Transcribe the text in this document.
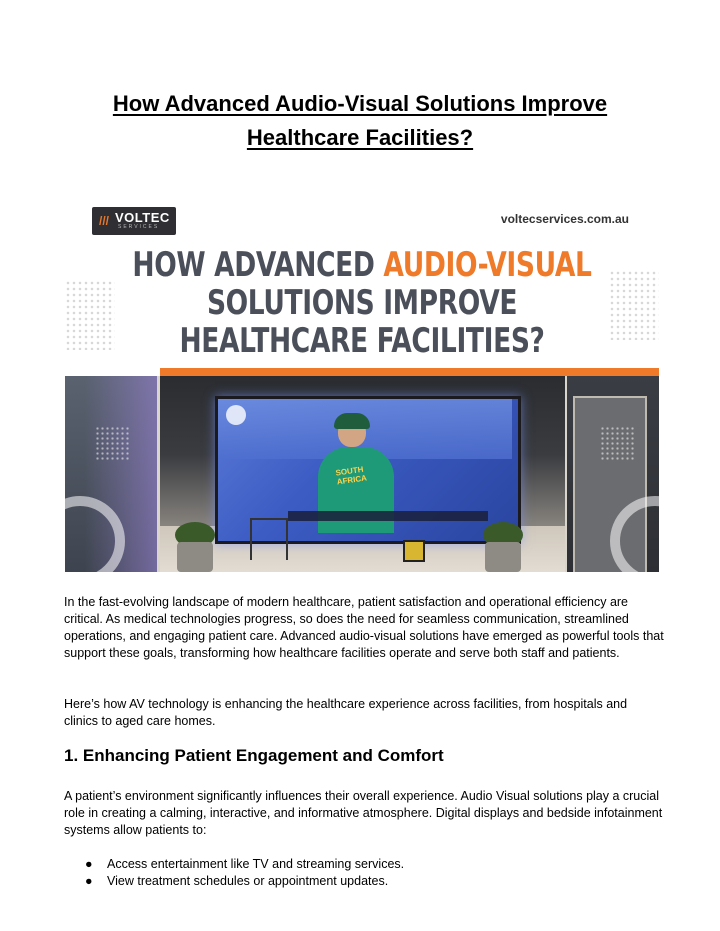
How Advanced Audio-Visual Solutions Improve
Healthcare Facilities?
/// VOLTEC
SERVICES
voltecservices.com.au
HOW ADVANCED AUDIO-VISUAL
SOLUTIONS IMPROVE
HEALTHCARE FACILITIES?
SOUTH AFRICA
In the fast-evolving landscape of modern healthcare, patient satisfaction and operational efficiency are critical. As medical technologies progress, so does the need for seamless communication, streamlined operations, and engaging patient care. Advanced audio-visual solutions have emerged as powerful tools that support these goals, transforming how healthcare facilities operate and serve both staff and patients.
Here’s how AV technology is enhancing the healthcare experience across facilities, from hospitals and clinics to aged care homes.
1. Enhancing Patient Engagement and Comfort
A patient’s environment significantly influences their overall experience. Audio Visual solutions play a crucial role in creating a calming, interactive, and informative atmosphere. Digital displays and bedside infotainment systems allow patients to:
● Access entertainment like TV and streaming services.
● View treatment schedules or appointment updates.
